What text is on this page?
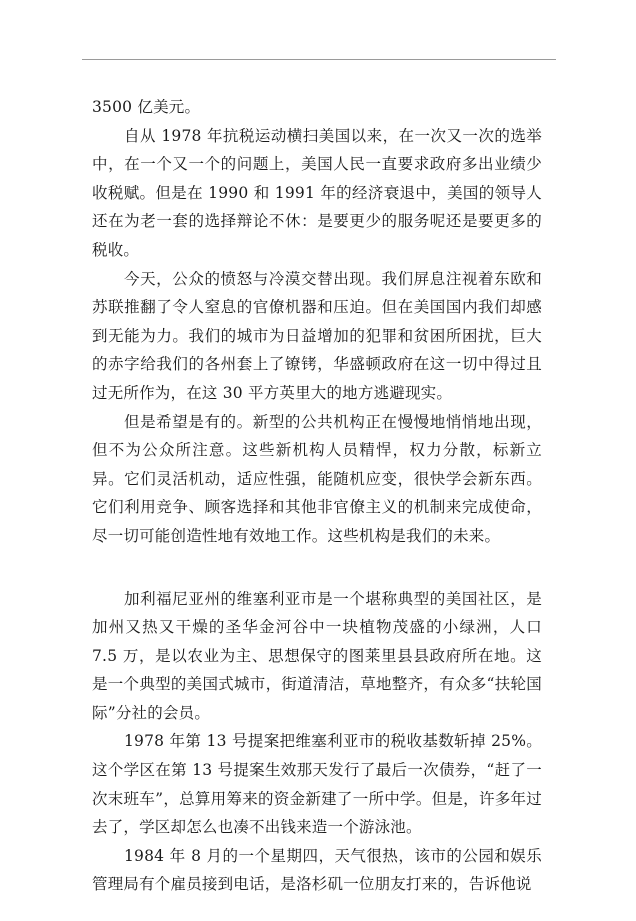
3500 亿美元。

自从 1978 年抗税运动横扫美国以来，在一次又一次的选举中，在一个又一个的问题上，美国人民一直要求政府多出业绩少收税赋。但是在 1990 和 1991 年的经济衰退中，美国的领导人还在为老一套的选择辩论不休：是要更少的服务呢还是要更多的税收。

今天，公众的愤怒与冷漠交替出现。我们屏息注视着东欧和苏联推翻了令人窒息的官僚机器和压迫。但在美国国内我们却感到无能为力。我们的城市为日益增加的犯罪和贫困所困扰，巨大的赤字给我们的各州套上了镣铐，华盛顿政府在这一切中得过且过无所作为，在这 30 平方英里大的地方逃避现实。

但是希望是有的。新型的公共机构正在慢慢地悄悄地出现，但不为公众所注意。这些新机构人员精悍，权力分散，标新立异。它们灵活机动，适应性强，能随机应变，很快学会新东西。它们利用竞争、顾客选择和其他非官僚主义的机制来完成使命，尽一切可能创造性地有效地工作。这些机构是我们的未来。

加利福尼亚州的维塞利亚市是一个堪称典型的美国社区，是加州又热又干燥的圣华金河谷中一块植物茂盛的小绿洲，人口 7.5 万，是以农业为主、思想保守的图莱里县县政府所在地。这是一个典型的美国式城市，街道清洁，草地整齐，有众多“扶轮国际”分社的会员。

1978 年第 13 号提案把维塞利亚市的税收基数斩掉 25%。这个学区在第 13 号提案生效那天发行了最后一次债券，“赶了一次末班车”，总算用筹来的资金新建了一所中学。但是，许多年过去了，学区却怎么也凑不出钱来造一个游泳池。

1984 年 8 月的一个星期四，天气很热，该市的公园和娱乐管理局有个雇员接到电话，是洛杉矶一位朋友打来的，告诉他说
